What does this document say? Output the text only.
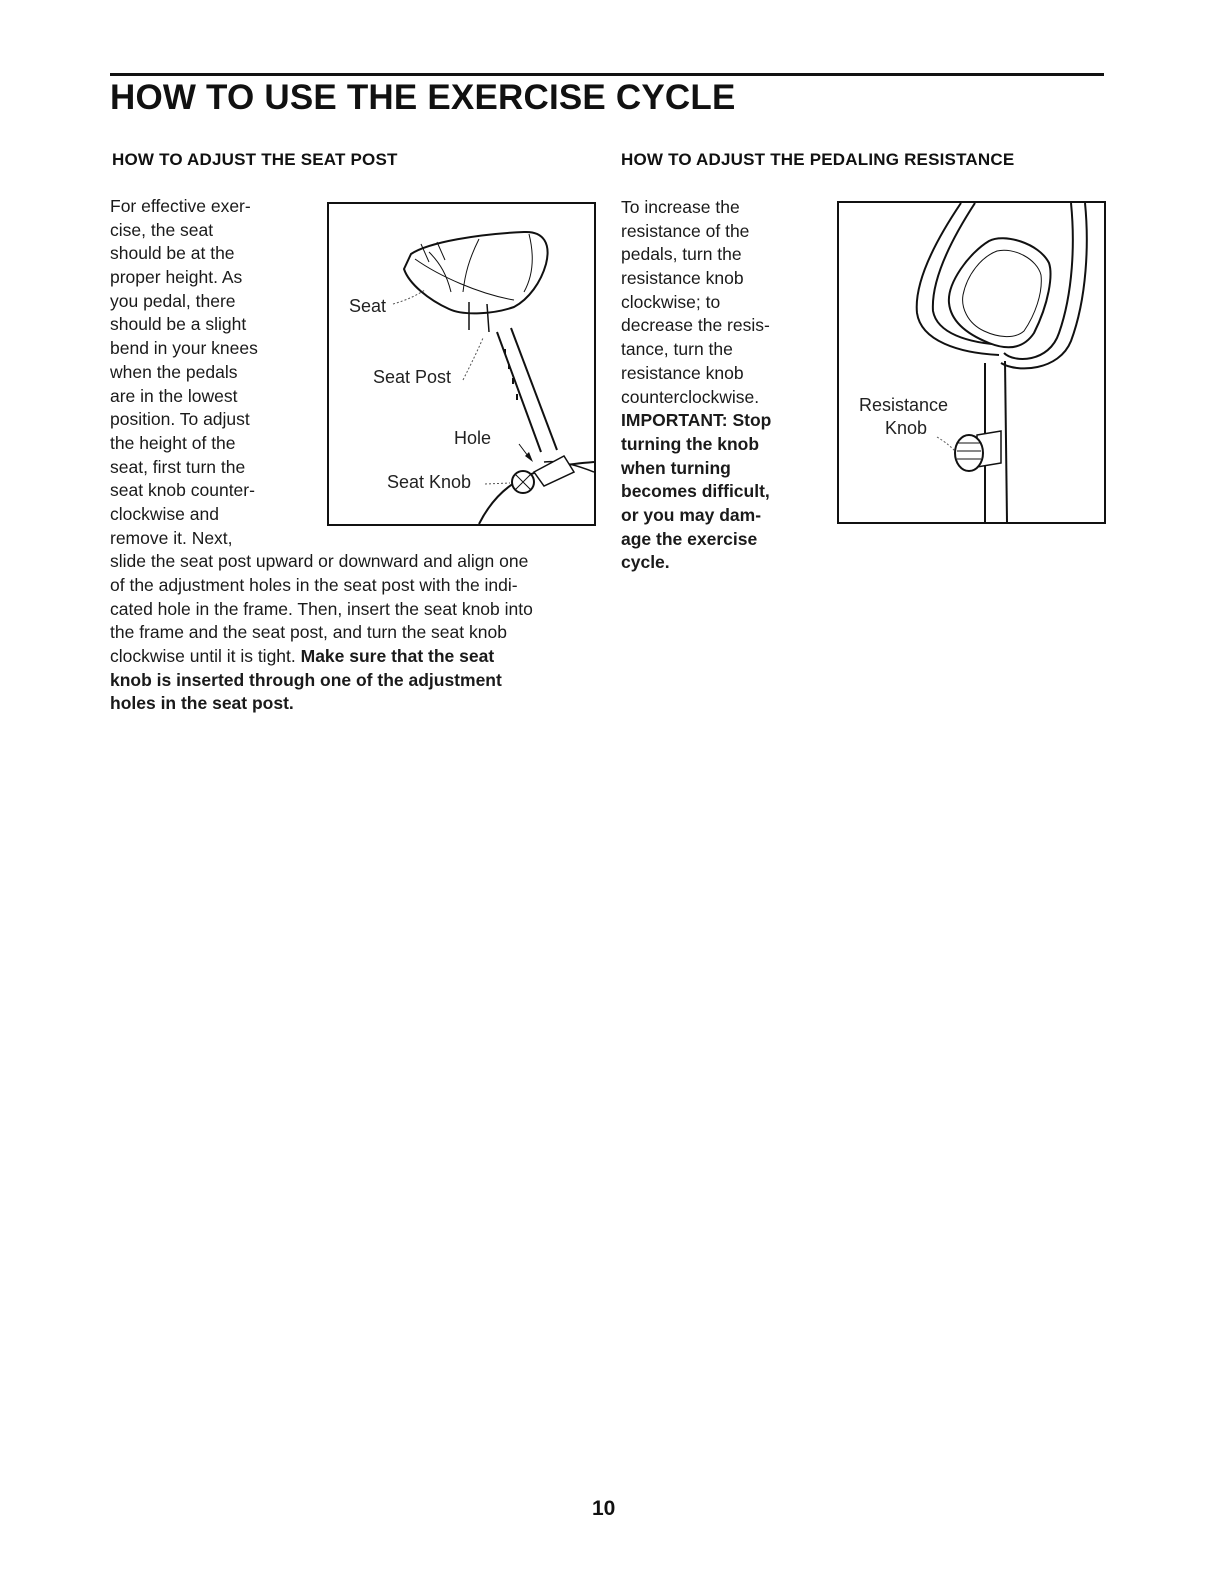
HOW TO USE THE EXERCISE CYCLE
HOW TO ADJUST THE SEAT POST
For effective exer-
cise, the seat
should be at the
proper height. As
you pedal, there
should be a slight
bend in your knees
when the pedals
are in the lowest
position. To adjust
the height of the
seat, first turn the
seat knob counter-
clockwise and
remove it. Next,
slide the seat post upward or downward and align one
of the adjustment holes in the seat post with the indi-
cated hole in the frame. Then, insert the seat knob into
the frame and the seat post, and turn the seat knob
clockwise until it is tight. Make sure that the seat
knob is inserted through one of the adjustment
holes in the seat post.
Seat
Seat Post
Hole
Seat Knob
HOW TO ADJUST THE PEDALING RESISTANCE
To increase the
resistance of the
pedals, turn the
resistance knob
clockwise; to
decrease the resis-
tance, turn the
resistance knob
counterclockwise.
IMPORTANT: Stop
turning the knob
when turning
becomes difficult,
or you may dam-
age the exercise
cycle.
Resistance
Knob
10
